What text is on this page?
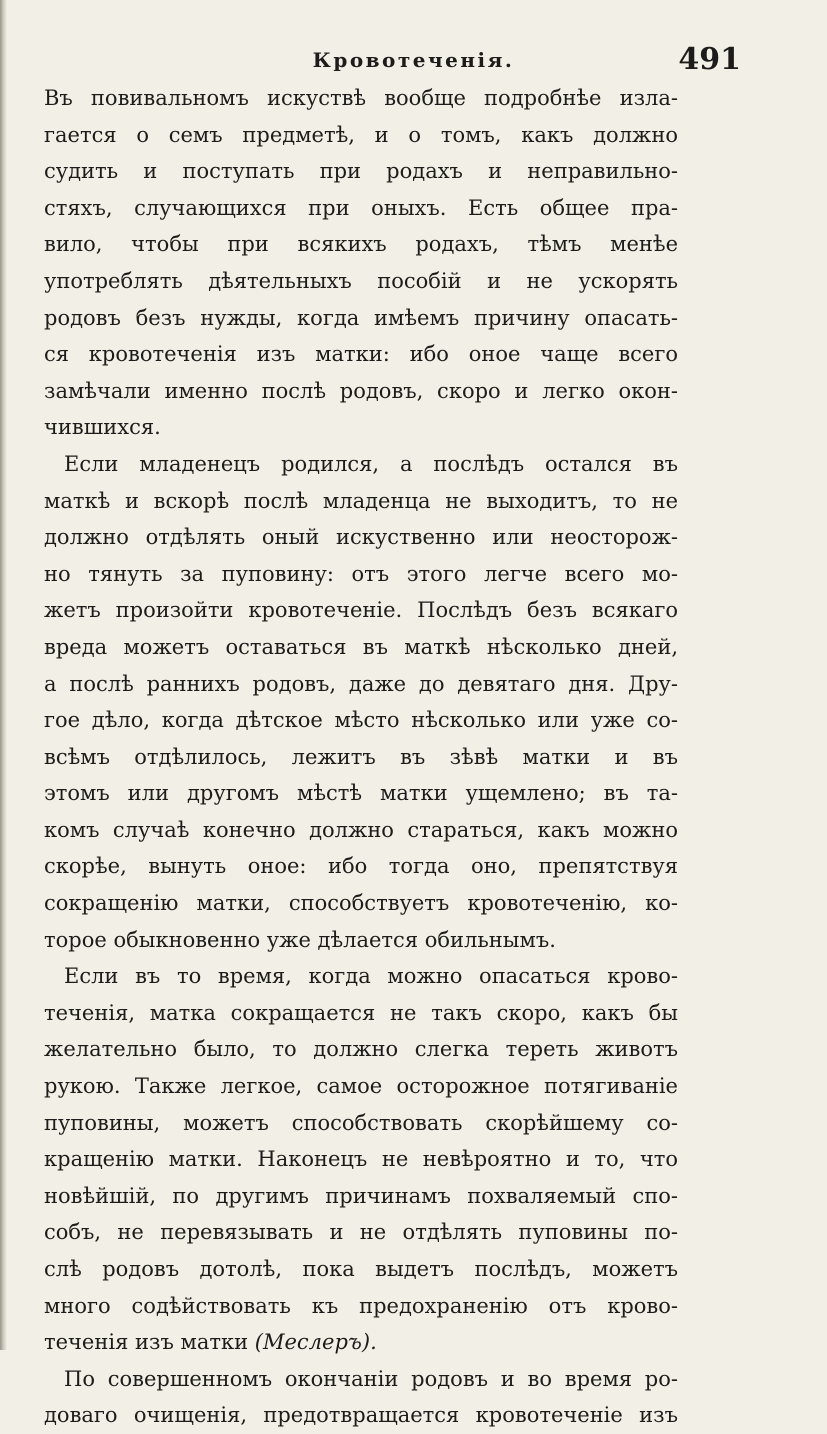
Кровотеченія.	491
Въ повивальномъ искуствѣ вообще подробнѣе изла-
гается о семъ предметѣ, и о томъ, какъ должно
судить и поступать при родахъ и неправильно-
стяхъ, случающихся при оныхъ. Есть общее пра-
вило, чтобы при всякихъ родахъ, тѣмъ менѣе
употреблять дѣятельныхъ пособій и не ускорять
родовъ безъ нужды, когда имѣемъ причину опасать-
ся кровотеченія изъ матки: ибо оное чаще всего
замѣчали именно послѣ родовъ, скоро и легко окон-
чившихся.
Если младенецъ родился, а послѣдъ остался въ
маткѣ и вскорѣ послѣ младенца не выходитъ, то не
должно отдѣлять оный искуственно или неосторож-
но тянуть за пуповину: отъ этого легче всего мо-
жетъ произойти кровотеченіе. Послѣдъ безъ всякаго
вреда можетъ оставаться въ маткѣ нѣсколько дней,
а послѣ раннихъ родовъ, даже до девятаго дня. Дру-
гое дѣло, когда дѣтское мѣсто нѣсколько или уже со-
всѣмъ отдѣлилось, лежитъ въ зѣвѣ матки и въ
этомъ или другомъ мѣстѣ матки ущемлено; въ та-
комъ случаѣ конечно должно стараться, какъ можно
скорѣе, вынуть оное: ибо тогда оно, препятствуя
сокращенію матки, способствуетъ кровотеченію, ко-
торое обыкновенно уже дѣлается обильнымъ.
Если въ то время, когда можно опасаться крово-
теченія, матка сокращается не такъ скоро, какъ бы
желательно было, то должно слегка тереть животъ
рукою. Также легкое, самое осторожное потягиваніе
пуповины, можетъ способствовать скорѣйшему со-
кращенію матки. Наконецъ не невѣроятно и то, что
новѣйшій, по другимъ причинамъ похваляемый спо-
собъ, не перевязывать и не отдѣлять пуповины по-
слѣ родовъ дотолѣ, пока выдетъ послѣдъ, можетъ
много содѣйствовать къ предохраненію отъ крово-
теченія изъ матки (Меслеръ).
По совершенномъ окончаніи родовъ и во время ро-
доваго очищенія, предотвращается кровотеченіе изъ
